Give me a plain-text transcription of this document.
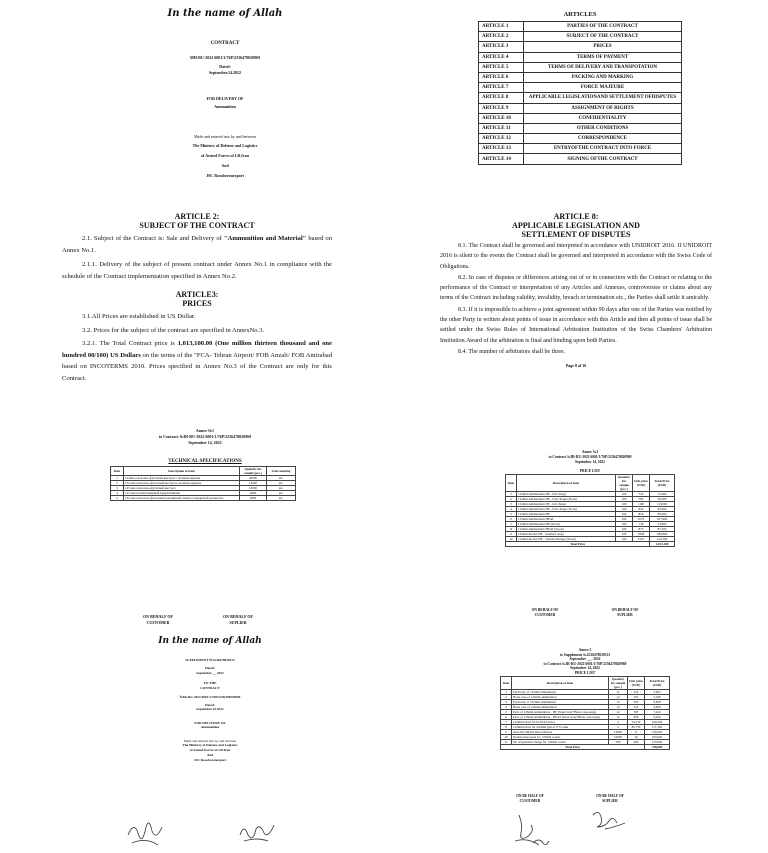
In the name of Allah
CONTRACT
MH-RU-2022 6001/1/76P/2236478020969
Dated:
September.14.2022
FOR DELIVERY OF
Ammunition
Made and entered into by and between
The Ministry of Defense and Logistics
of Armed Forces of I.R.Iran
And
JSC Rosoboronexport
ARTICLES
ARTICLE 1	PARTIES OF THE CONTRACT
ARTICLE 2	SUBJECT OF THE CONTRACT
ARTICLE 3	PRICES
ARTICLE 4	TERMS OF PAYMENT
ARTICLE 5	TERMS OF DELIVERY AND TRANSPOTATION
ARTICLE 6	PACKING AND MARKING
ARTICLE 7	FORCE MAJEURE
ARTICLE 8	APPLICABLE LEGISLATIONAND SETTLEMENT OFDISPUTES
ARTICLE 9	ASSIGNMENT OF RIGHTS
ARTICLE 10	CONFIDENTIALITY
ARTICLE 11	OTHER CONDITIONS
ARTICLE 12	CORRESPONDENCE
ARTICLE 13	ENTRYOFTHE CONTRACT INTO FORCE
ARTICLE 14	SIGNING OFTHE CONTRACT
ARTICLE 2:
SUBJECT OF THE CONTRACT
2.1. Subject of the Contract is: Sale and Delivery of "Ammunition and Material" based on Annex No.1.
2.1.1. Delivery of the subject of present contract under Annex No.1 in compliance with the schedule of the Contract implementation specified in Annex No.2.
ARTICLE3:
PRICES
3.1.All Prices are established in US Dollar.
3.2. Prices for the subject of the contract are specified in AnnexNo.3.
3.2.1. The Total Contract price is 1,013,100.00 (One million thirteen thousand and one hundred 00/100) US Dollars on the terms of the "FCA- Tehran Airport/ FOB Anzali/ FOB Amirabad based on INCOTERMS 2010. Prices specified in Annex No.3 of the Contract are only for this Contract.
ARTICLE 8:
APPLICABLE LEGISLATION AND
SETTLEMENT OF DISPUTES
8.1. The Contract shall be governed and interpreted in accordance with UNIDROIT 2016. If UNIDROIT 2016 is silent to the events the Contract shall be governed and interpreted in accordance with the Swiss Code of Obligations.
8.2. In case of disputes or differences arising out of or in connection with the Contract or relating to the performance of the Contract or interpretation of any Articles and Annexes, controversies or claims about any terms of the Contract including validity, invalidity, breach or termination etc., the Parties shall settle it amicably.
8.3. If it is impossible to achieve a joint agreement within 90 days after one of the Parties was notified by the other Party in written about points of issue in accordance with this Article and then all points of issue shall be settled under the Swiss Rules of International Arbitration Institution of the Swiss Chambers' Arbitration Institution.Award of the arbitration is final and binding upon both Parties.
8.4. The number of arbitrators shall be three.
Page 8 of 16
Annex №1
to Contract №IR-RU-2022 6001/1/76P/2236478020969
September 14, 2022
TECHNICAL SPECIFICATIONS
Item	Description of Item	Quantity for sample (pcs.)	Unit counting
1	122мм осколочно-фугасный выстрел с полным зарядом	40000	шт.
2	152 мм осколочно-фугасный выстрел к полным зарядом	14000	шт.
3	125 мм осколочно-фугасный выстрел	10000	шт.
4	125 мм противотанковый кумулятивный	4000	шт.
5	122 мм осколочно-фугасный реактивный снаряд стандартной дальности	4000	шт.
ON BEHALF OF
CUSTOMER
ON BEHALF OF
SUPLIER
Annex №3
to Contract №IR-RU-2022 6001/1/76P/2236478020969
September 14, 2022
PRICE LIST
Item	Description of Item	Quantity for sample (pcs.)	Unit price (USD)	Total Price (USD)
1	122mm Ammunition HE - full charge	100	720	72,000
2	122mm Ammunition HE - Full charge (Stock)	100	583	58,300
3	152mm Ammunition HE - full charge	100	1190	119,000
4	152mm Ammunition HE - Full charge (Stock)	100	859	85,900
5	125mm Ammunition HE	100	856	85,600
6	125mm Ammunition HEAT	100	1079	107,900
7	125mm Ammunition HE (Stock)	100	738	73,800
8	125mm Ammunition HEAT (Stock)	100	873	87,300
9	122mm Rocket HE - standard range	100	1808	180,800
10	122mm Rocket HE - Standard Range (Stock)	100	1425	142,500
Total Price				1,013,100
In the name of Allah
SUPPLEMENT №2236478020313
Dated:
September___2022
TO THE
CONTRACT
№IR-RU-2022 6001/1/76P/2236478020969
Dated:
September.14.2022
FOR DELIVERY OF
Ammunition
Made and entered into by and between
The Ministry of Defense and Logistics
of Armed Forces of I.R.Iran
And
JSC Rosoboronexport
ON BEHALF OF
CUSTOMER
ON BEHALF OF
SUPLIER
Annex 3
to Supplement №2236478020313
September ___ 2022
to Contract №IR-RU-2022 6001/1/76P/2236478020969
September 14, 2022
PRICE LIST
Item	Description of Item	Quantity for sample (pcs.)	Unit price (USD)	Total Price (USD)
1	Fuel body of 122mm ammunition	12	242	2,904
2	Brass case of 122mm ammunition	12	265	3,180
3	Fuel body of 152mm ammunition	12	569	6,828
4	Brass case of 152mm ammunition	12	414	4,968
5	Parts of 125mm Ammunition - HE (Steel body+Brass case,setup)	12	587	7,044
6	Parts of 125mm Ammunition - HEAT (Steel body+Brass case,setup)	12	828	9,936
7	122mm barrel for D-30 howitzer	2	54,750	109,500
8	122mm barrel for 2A46M gun of T-72 tank	2	85,750	171,500
9	Absorber Mixed nitrocellulose	14000	9	126,000
10	Double base paste for 122mm rocket	10000	16	160,000
11	Set of Igniation charge for 122mm rocket	300	400	120,000
Total Price				748,000
ON BE HALF OF
CUSTOMER
ON BE HALF OF
SUPLIER
